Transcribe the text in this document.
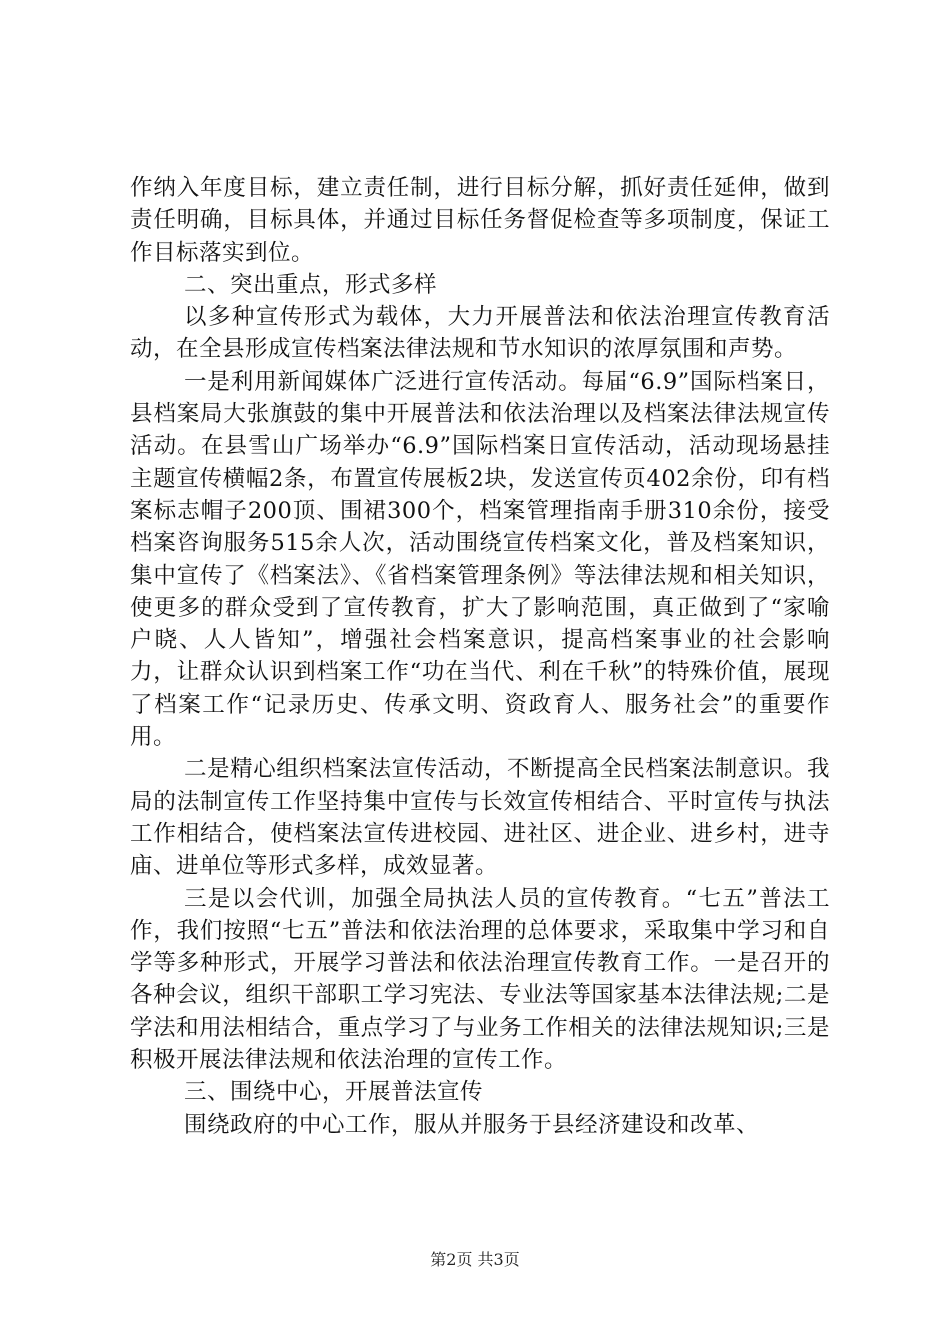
作纳入年度目标，建立责任制，进行目标分解，抓好责任延伸，做到责任明确，目标具体，并通过目标任务督促检查等多项制度，保证工作目标落实到位。

二、突出重点，形式多样

以多种宣传形式为载体，大力开展普法和依法治理宣传教育活动，在全县形成宣传档案法律法规和节水知识的浓厚氛围和声势。

一是利用新闻媒体广泛进行宣传活动。每届“6.9”国际档案日，县档案局大张旗鼓的集中开展普法和依法治理以及档案法律法规宣传活动。在县雪山广场举办“6.9”国际档案日宣传活动，活动现场悬挂主题宣传横幅2条，布置宣传展板2块，发送宣传页402余份，印有档案标志帽子200顶、围裙300个，档案管理指南手册310余份，接受档案咨询服务515余人次，活动围绕宣传档案文化，普及档案知识，集中宣传了《档案法》、《省档案管理条例》等法律法规和相关知识，使更多的群众受到了宣传教育，扩大了影响范围，真正做到了“家喻户晓、人人皆知”，增强社会档案意识，提高档案事业的社会影响力，让群众认识到档案工作“功在当代、利在千秋”的特殊价值，展现了档案工作“记录历史、传承文明、资政育人、服务社会”的重要作用。

二是精心组织档案法宣传活动，不断提高全民档案法制意识。我局的法制宣传工作坚持集中宣传与长效宣传相结合、平时宣传与执法工作相结合，使档案法宣传进校园、进社区、进企业、进乡村，进寺庙、进单位等形式多样，成效显著。

三是以会代训，加强全局执法人员的宣传教育。“七五”普法工作，我们按照“七五”普法和依法治理的总体要求，采取集中学习和自学等多种形式，开展学习普法和依法治理宣传教育工作。一是召开的各种会议，组织干部职工学习宪法、专业法等国家基本法律法规;二是学法和用法相结合，重点学习了与业务工作相关的法律法规知识;三是积极开展法律法规和依法治理的宣传工作。

三、围绕中心，开展普法宣传

围绕政府的中心工作，服从并服务于县经济建设和改革、

第2页 共3页
